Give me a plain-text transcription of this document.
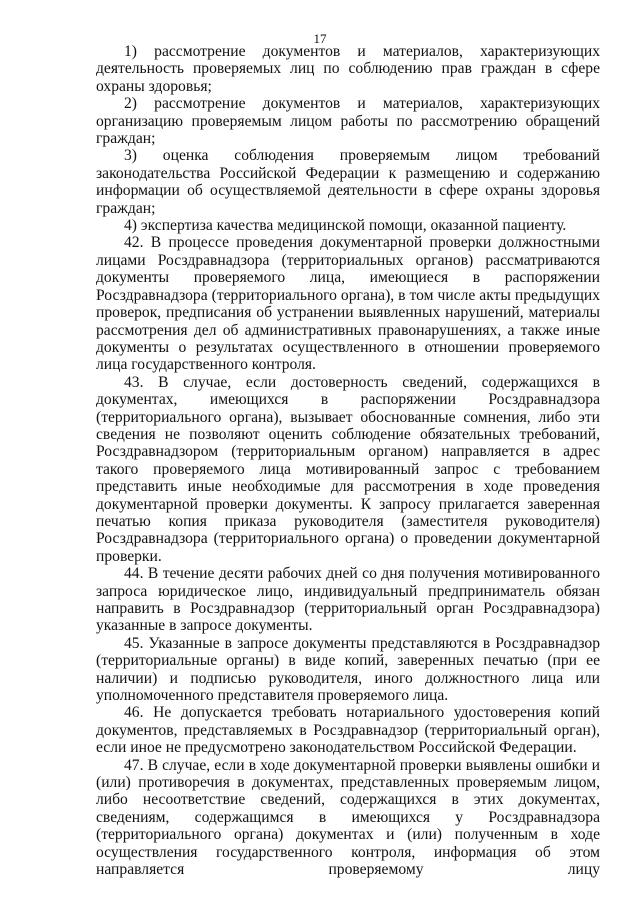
17

1) рассмотрение документов и материалов, характеризующих деятельность проверяемых лиц по соблюдению прав граждан в сфере охраны здоровья;

2) рассмотрение документов и материалов, характеризующих организацию проверяемым лицом работы по рассмотрению обращений граждан;

3) оценка соблюдения проверяемым лицом требований законодательства Российской Федерации к размещению и содержанию информации об осуществляемой деятельности в сфере охраны здоровья граждан;

4) экспертиза качества медицинской помощи, оказанной пациенту.

42. В процессе проведения документарной проверки должностными лицами Росздравнадзора (территориальных органов) рассматриваются документы проверяемого лица, имеющиеся в распоряжении Росздравнадзора (территориального органа), в том числе акты предыдущих проверок, предписания об устранении выявленных нарушений, материалы рассмотрения дел об административных правонарушениях, а также иные документы о результатах осуществленного в отношении проверяемого лица государственного контроля.

43. В случае, если достоверность сведений, содержащихся в документах, имеющихся в распоряжении Росздравнадзора (территориального органа), вызывает обоснованные сомнения, либо эти сведения не позволяют оценить соблюдение обязательных требований, Росздравнадзором (территориальным органом) направляется в адрес такого проверяемого лица мотивированный запрос с требованием представить иные необходимые для рассмотрения в ходе проведения документарной проверки документы. К запросу прилагается заверенная печатью копия приказа руководителя (заместителя руководителя) Росздравнадзора (территориального органа) о проведении документарной проверки.

44. В течение десяти рабочих дней со дня получения мотивированного запроса юридическое лицо, индивидуальный предприниматель обязан направить в Росздравнадзор (территориальный орган Росздравнадзора) указанные в запросе документы.

45. Указанные в запросе документы представляются в Росздравнадзор (территориальные органы) в виде копий, заверенных печатью (при ее наличии) и подписью руководителя, иного должностного лица или уполномоченного представителя проверяемого лица.

46. Не допускается требовать нотариального удостоверения копий документов, представляемых в Росздравнадзор (территориальный орган), если иное не предусмотрено законодательством Российской Федерации.

47. В случае, если в ходе документарной проверки выявлены ошибки и (или) противоречия в документах, представленных проверяемым лицом, либо несоответствие сведений, содержащихся в этих документах, сведениям, содержащимся в имеющихся у Росздравнадзора (территориального органа) документах и (или) полученным в ходе осуществления государственного контроля, информация об этом направляется проверяемому лицу
